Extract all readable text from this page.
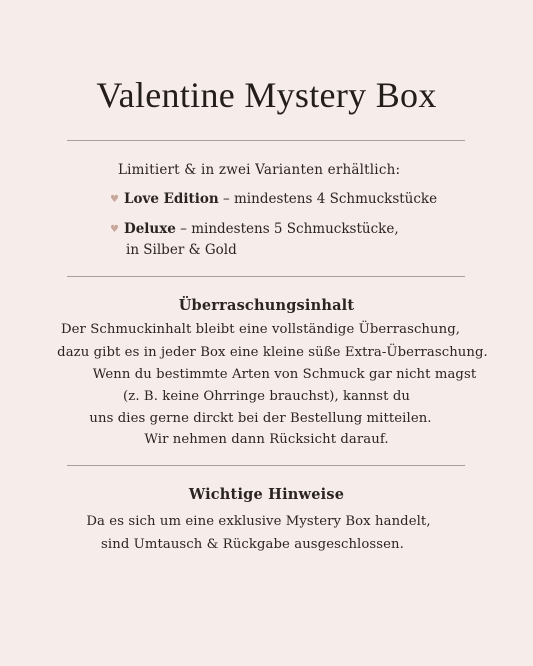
Valentine Mystery Box
Limitiert & in zwei Varianten erhältlich:
♥ Love Edition – mindestens 4 Schmuckstücke
♥ Deluxe – mindestens 5 Schmuckstücke,
in Silber & Gold
Überraschungsinhalt
Der Schmuckinhalt bleibt eine vollständige Überraschung,
dazu gibt es in jeder Box eine kleine süße Extra-Überraschung.
Wenn du bestimmte Arten von Schmuck gar nicht magst
(z. B. keine Ohrringe brauchst), kannst du
uns dies gerne dirckt bei der Bestellung mitteilen.
Wir nehmen dann Rücksicht darauf.
Wichtige Hinweise
Da es sich um eine exklusive Mystery Box handelt,
sind Umtausch & Rückgabe ausgeschlossen.
